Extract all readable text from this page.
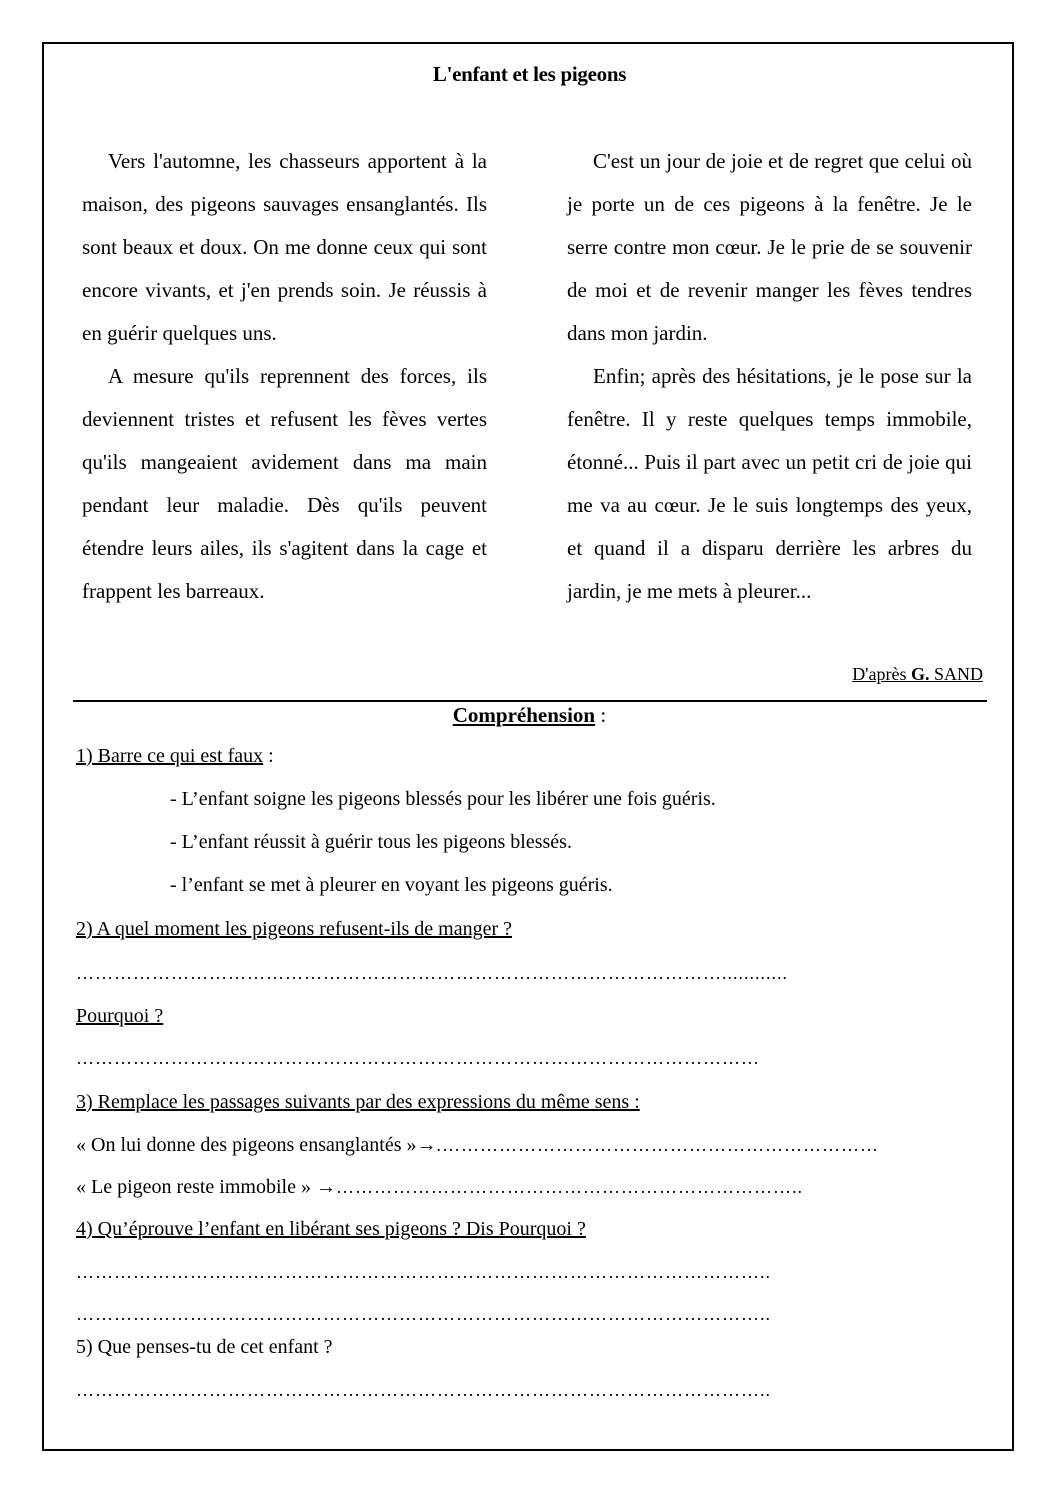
L'enfant et les pigeons

Vers l'automne, les chasseurs apportent à la maison, des pigeons sauvages ensanglantés. Ils sont beaux et doux. On me donne ceux qui sont encore vivants, et j'en prends soin. Je réussis à en guérir quelques uns.

A mesure qu'ils reprennent des forces, ils deviennent tristes et refusent les fèves vertes qu'ils mangeaient avidement dans ma main pendant leur maladie. Dès qu'ils peuvent étendre leurs ailes, ils s'agitent dans la cage et frappent les barreaux.

C'est un jour de joie et de regret que celui où je porte un de ces pigeons à la fenêtre. Je le serre contre mon cœur. Je le prie de se souvenir de moi et de revenir manger les fèves tendres dans mon jardin.

Enfin; après des hésitations, je le pose sur la fenêtre. Il y reste quelques temps immobile, étonné... Puis il part avec un petit cri de joie qui me va au cœur. Je le suis longtemps des yeux, et quand il a disparu derrière les arbres du jardin, je me mets à pleurer...

D'après G. SAND
Compréhension :
1) Barre ce qui est faux :
- L’enfant soigne les pigeons blessés pour les libérer une fois guéris.
- L’enfant réussit à guérir tous les pigeons blessés.
- l’enfant se met à pleurer en voyant les pigeons guéris.
2) A quel moment les pigeons refusent-ils de manger ?
…………………………………………………………………………………………............
Pourquoi ?
………………………………………………………………………………………………
3) Remplace les passages suivants par des expressions du même sens :
« On lui donne des pigeons ensanglantés »→.……………………………………………………………
« Le pigeon reste immobile » →………………………………………………………………..
4) Qu’éprouve l’enfant en libérant ses pigeons ? Dis Pourquoi ?
………………………………………………………………………………………………..
………………………………………………………………………………………………..
5) Que penses-tu de cet enfant ?
………………………………………………………………………………………………..
